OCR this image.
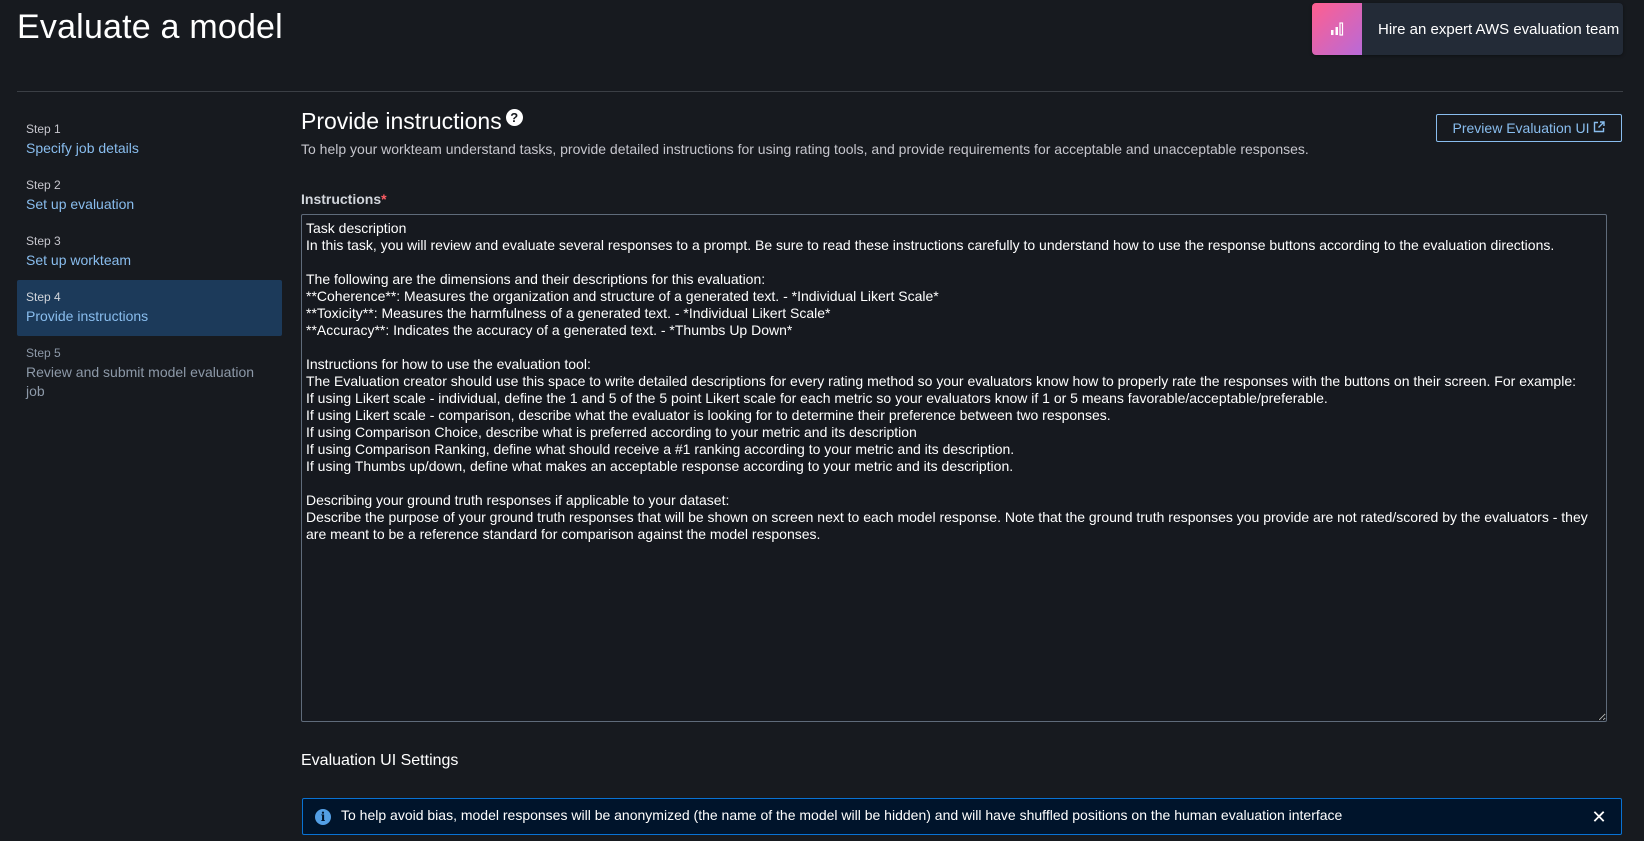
Evaluate a model	Hire an expert AWS evaluation team
Step 1
Specify job details
Step 2
Set up evaluation
Step 3
Set up workteam
Step 4
Provide instructions
Step 5
Review and submit model evaluation job
Provide instructions ?
To help your workteam understand tasks, provide detailed instructions for using rating tools, and provide requirements for acceptable and unacceptable responses.
Preview Evaluation UI
Instructions*
Task description In this task, you will review and evaluate several responses to a prompt. Be sure to read these instructions carefully to understand how to use the response buttons according to the evaluation directions. The following are the dimensions and their descriptions for this evaluation: **Coherence**: Measures the organization and structure of a generated text. - *Individual Likert Scale* **Toxicity**: Measures the harmfulness of a generated text. - *Individual Likert Scale* **Accuracy**: Indicates the accuracy of a generated text. - *Thumbs Up Down* Instructions for how to use the evaluation tool: The Evaluation creator should use this space to write detailed descriptions for every rating method so your evaluators know how to properly rate the responses with the buttons on their screen. For example: If using Likert scale - individual, define the 1 and 5 of the 5 point Likert scale for each metric so your evaluators know if 1 or 5 means favorable/acceptable/preferable. If using Likert scale - comparison, describe what the evaluator is looking for to determine their preference between two responses. If using Comparison Choice, describe what is preferred according to your metric and its description If using Comparison Ranking, define what should receive a #1 ranking according to your metric and its description. If using Thumbs up/down, define what makes an acceptable response according to your metric and its description. Describing your ground truth responses if applicable to your dataset: Describe the purpose of your ground truth responses that will be shown on screen next to each model response. Note that the ground truth responses you provide are not rated/scored by the evaluators - they are meant to be a reference standard for comparison against the model responses.
Evaluation UI Settings
i	To help avoid bias, model responses will be anonymized (the name of the model will be hidden) and will have shuffled positions on the human evaluation interface	✕
